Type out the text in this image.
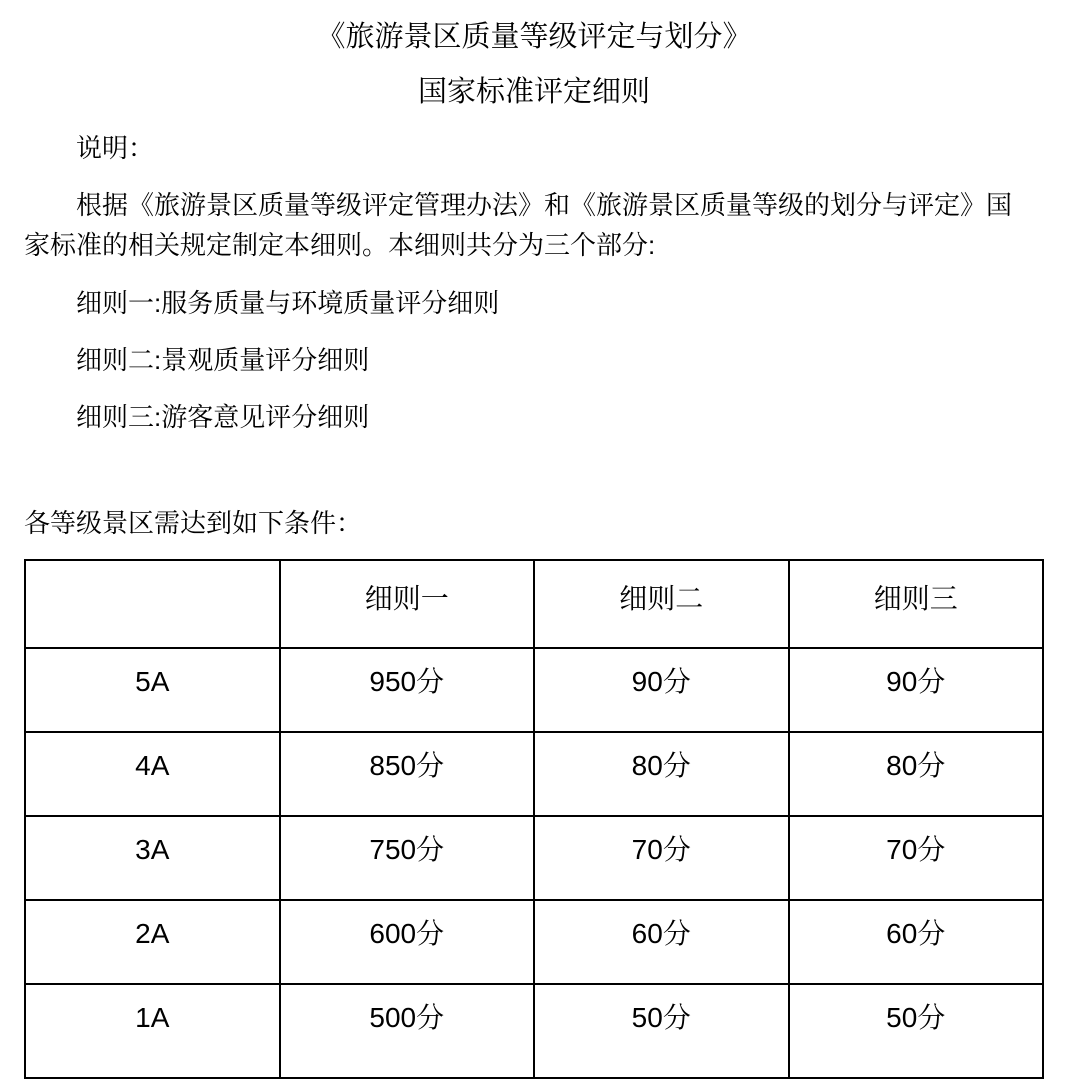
《旅游景区质量等级评定与划分》
国家标准评定细则

说明：

根据《旅游景区质量等级评定管理办法》和《旅游景区质量等级的划分与评定》国家标准的相关规定制定本细则。本细则共分为三个部分:

细则一:服务质量与环境质量评分细则

细则二:景观质量评分细则

细则三:游客意见评分细则

各等级景区需达到如下条件：

	细则一	细则二	细则三
5A	950分	90分	90分
4A	850分	80分	80分
3A	750分	70分	70分
2A	600分	60分	60分
1A	500分	50分	50分
